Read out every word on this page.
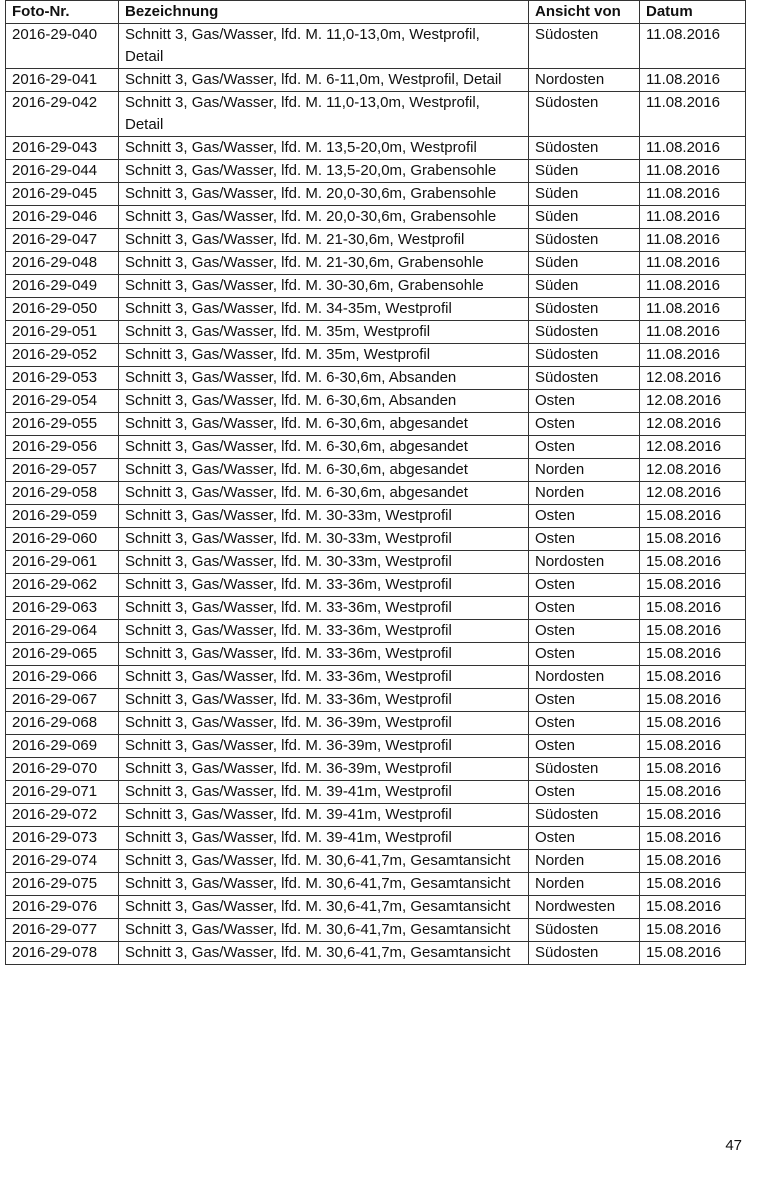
Foto-Nr.	Bezeichnung	Ansicht von	Datum
2016-29-040	Schnitt 3, Gas/Wasser, lfd. M. 11,0-13,0m, Westprofil, Detail	Südosten	11.08.2016
2016-29-041	Schnitt 3, Gas/Wasser, lfd. M. 6-11,0m, Westprofil, Detail	Nordosten	11.08.2016
2016-29-042	Schnitt 3, Gas/Wasser, lfd. M. 11,0-13,0m, Westprofil, Detail	Südosten	11.08.2016
2016-29-043	Schnitt 3, Gas/Wasser, lfd. M. 13,5-20,0m, Westprofil	Südosten	11.08.2016
2016-29-044	Schnitt 3, Gas/Wasser, lfd. M. 13,5-20,0m, Grabensohle	Süden	11.08.2016
2016-29-045	Schnitt 3, Gas/Wasser, lfd. M. 20,0-30,6m, Grabensohle	Süden	11.08.2016
2016-29-046	Schnitt 3, Gas/Wasser, lfd. M. 20,0-30,6m, Grabensohle	Süden	11.08.2016
2016-29-047	Schnitt 3, Gas/Wasser, lfd. M. 21-30,6m, Westprofil	Südosten	11.08.2016
2016-29-048	Schnitt 3, Gas/Wasser, lfd. M. 21-30,6m, Grabensohle	Süden	11.08.2016
2016-29-049	Schnitt 3, Gas/Wasser, lfd. M. 30-30,6m, Grabensohle	Süden	11.08.2016
2016-29-050	Schnitt 3, Gas/Wasser, lfd. M. 34-35m, Westprofil	Südosten	11.08.2016
2016-29-051	Schnitt 3, Gas/Wasser, lfd. M. 35m, Westprofil	Südosten	11.08.2016
2016-29-052	Schnitt 3, Gas/Wasser, lfd. M. 35m, Westprofil	Südosten	11.08.2016
2016-29-053	Schnitt 3, Gas/Wasser, lfd. M. 6-30,6m, Absanden	Südosten	12.08.2016
2016-29-054	Schnitt 3, Gas/Wasser, lfd. M. 6-30,6m, Absanden	Osten	12.08.2016
2016-29-055	Schnitt 3, Gas/Wasser, lfd. M. 6-30,6m, abgesandet	Osten	12.08.2016
2016-29-056	Schnitt 3, Gas/Wasser, lfd. M. 6-30,6m, abgesandet	Osten	12.08.2016
2016-29-057	Schnitt 3, Gas/Wasser, lfd. M. 6-30,6m, abgesandet	Norden	12.08.2016
2016-29-058	Schnitt 3, Gas/Wasser, lfd. M. 6-30,6m, abgesandet	Norden	12.08.2016
2016-29-059	Schnitt 3, Gas/Wasser, lfd. M. 30-33m, Westprofil	Osten	15.08.2016
2016-29-060	Schnitt 3, Gas/Wasser, lfd. M. 30-33m, Westprofil	Osten	15.08.2016
2016-29-061	Schnitt 3, Gas/Wasser, lfd. M. 30-33m, Westprofil	Nordosten	15.08.2016
2016-29-062	Schnitt 3, Gas/Wasser, lfd. M. 33-36m, Westprofil	Osten	15.08.2016
2016-29-063	Schnitt 3, Gas/Wasser, lfd. M. 33-36m, Westprofil	Osten	15.08.2016
2016-29-064	Schnitt 3, Gas/Wasser, lfd. M. 33-36m, Westprofil	Osten	15.08.2016
2016-29-065	Schnitt 3, Gas/Wasser, lfd. M. 33-36m, Westprofil	Osten	15.08.2016
2016-29-066	Schnitt 3, Gas/Wasser, lfd. M. 33-36m, Westprofil	Nordosten	15.08.2016
2016-29-067	Schnitt 3, Gas/Wasser, lfd. M. 33-36m, Westprofil	Osten	15.08.2016
2016-29-068	Schnitt 3, Gas/Wasser, lfd. M. 36-39m, Westprofil	Osten	15.08.2016
2016-29-069	Schnitt 3, Gas/Wasser, lfd. M. 36-39m, Westprofil	Osten	15.08.2016
2016-29-070	Schnitt 3, Gas/Wasser, lfd. M. 36-39m, Westprofil	Südosten	15.08.2016
2016-29-071	Schnitt 3, Gas/Wasser, lfd. M. 39-41m, Westprofil	Osten	15.08.2016
2016-29-072	Schnitt 3, Gas/Wasser, lfd. M. 39-41m, Westprofil	Südosten	15.08.2016
2016-29-073	Schnitt 3, Gas/Wasser, lfd. M. 39-41m, Westprofil	Osten	15.08.2016
2016-29-074	Schnitt 3, Gas/Wasser, lfd. M. 30,6-41,7m, Gesamtansicht	Norden	15.08.2016
2016-29-075	Schnitt 3, Gas/Wasser, lfd. M. 30,6-41,7m, Gesamtansicht	Norden	15.08.2016
2016-29-076	Schnitt 3, Gas/Wasser, lfd. M. 30,6-41,7m, Gesamtansicht	Nordwesten	15.08.2016
2016-29-077	Schnitt 3, Gas/Wasser, lfd. M. 30,6-41,7m, Gesamtansicht	Südosten	15.08.2016
2016-29-078	Schnitt 3, Gas/Wasser, lfd. M. 30,6-41,7m, Gesamtansicht	Südosten	15.08.2016
47
